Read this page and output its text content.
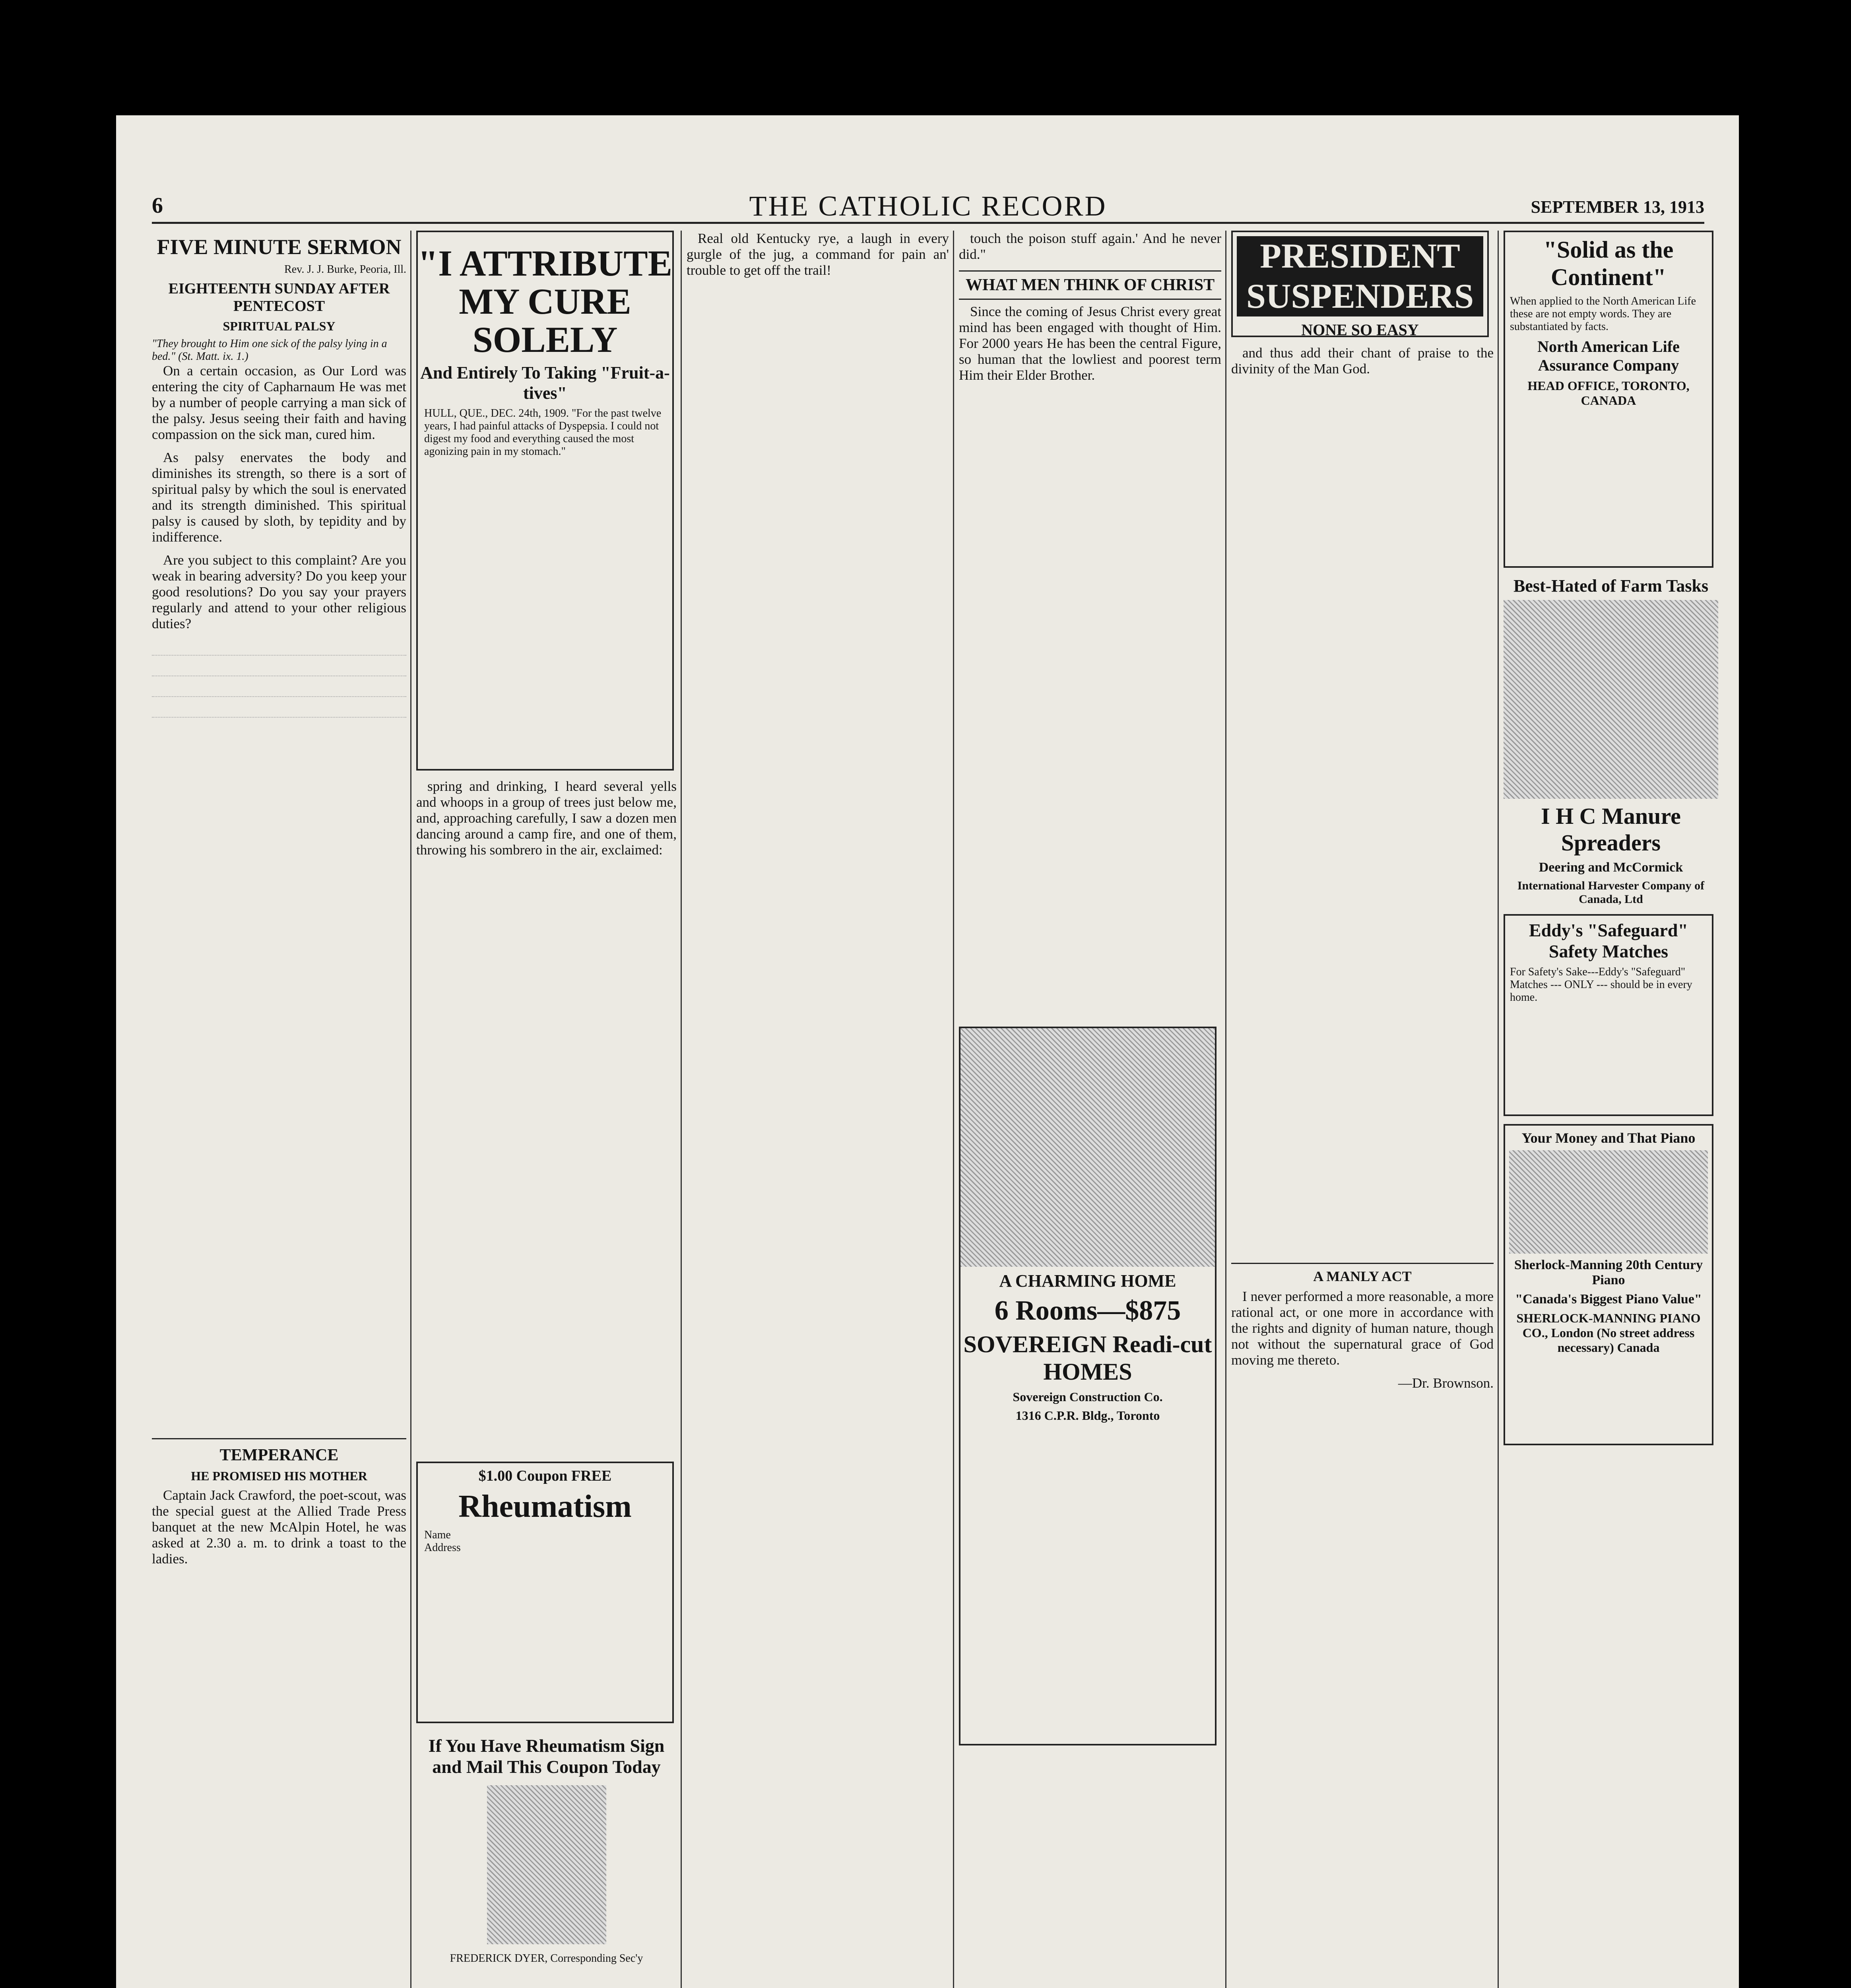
6	THE CATHOLIC RECORD	SEPTEMBER 13, 1913
FIVE MINUTE SERMON
Rev. J. J. Burke, Peoria, Ill.
EIGHTEENTH SUNDAY AFTER PENTECOST
SPIRITUAL PALSY
"They brought to Him one sick of the palsy lying in a bed." (St. Matt. ix. 1.)

On a certain occasion, as Our Lord was entering the city of Capharnaum He was met by a number of people carrying a man sick of the palsy. Jesus seeing their faith and having compassion on the sick man, cured him.

As palsy enervates the body and diminishes its strength, so there is a sort of spiritual palsy by which the soul is enervated and its strength diminished. This spiritual palsy is caused by sloth, by tepidity and by indifference.

Are you subject to this complaint? Are you weak in bearing adversity? Do you keep your good resolutions? Do you say your prayers regularly and attend to your other religious duties?

TEMPERANCE
HE PROMISED HIS MOTHER

Captain Jack Crawford, the poet-scout, was the special guest at the Allied Trade Press banquet at the new McAlpin Hotel, he was asked at 2.30 a. m. to drink a toast to the ladies.

"I ATTRIBUTE MY CURE SOLELY
And Entirely To Taking "Fruit-a-tives"
HULL, QUE., DEC. 24th, 1909. "For the past twelve years, I had painful attacks of Dyspepsia. I could not digest my food and everything caused the most agonizing pain in my stomach."

spring and drinking, I heard several yells and whoops in a group of trees just below me, and, approaching carefully, I saw a dozen men dancing around a camp fire, and one of them, throwing his sombrero in the air, exclaimed:

$1.00 Coupon FREE
Rheumatism
Name
Address
If You Have Rheumatism Sign and Mail This Coupon Today
FREDERICK DYER, Corresponding Sec'y

Real old Kentucky rye, a laugh in every gurgle of the jug, a command for pain an' trouble to get off the trail!

touch the poison stuff again.' And he never did."

WHAT MEN THINK OF CHRIST

Since the coming of Jesus Christ every great mind has been engaged with thought of Him. For 2000 years He has been the central Figure, so human that the lowliest and poorest term Him their Elder Brother.

A CHARMING HOME
6 Rooms—$875
SOVEREIGN Readi-cut HOMES
Sovereign Construction Co.
1316 C.P.R. Bldg., Toronto
PRESIDENT SUSPENDERS
NONE SO EASY

and thus add their chant of praise to the divinity of the Man God.

A MANLY ACT

I never performed a more reasonable, a more rational act, or one more in accordance with the rights and dignity of human nature, though not without the supernatural grace of God moving me thereto.

—Dr. Brownson.

"Solid as the Continent"
When applied to the North American Life these are not empty words. They are substantiated by facts.
North American Life Assurance Company
HEAD OFFICE, TORONTO, CANADA
Best-Hated of Farm Tasks
I H C Manure Spreaders
Deering and McCormick
International Harvester Company of Canada, Ltd
Eddy's "Safeguard" Safety Matches
For Safety's Sake---Eddy's "Safeguard" Matches --- ONLY --- should be in every home.
Your Money and That Piano
Sherlock-Manning 20th Century Piano
"Canada's Biggest Piano Value"
SHERLOCK-MANNING PIANO CO., London (No street address necessary) Canada
